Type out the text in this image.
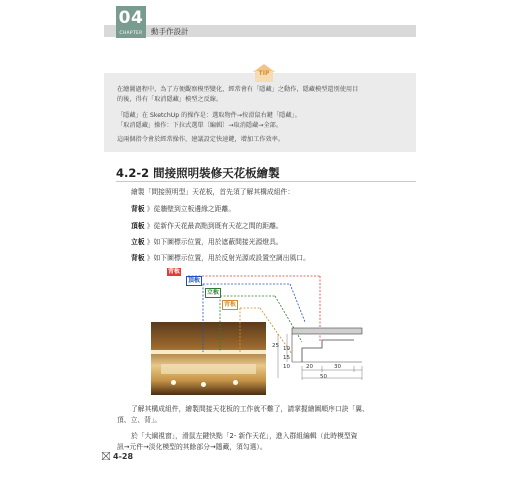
04
CHAPTER	動手作設計
TIP
在繪圖過程中，為了方便觀察模型變化，經常會有「隱藏」之動作，隱藏模型還別使用目
的後，得有「取消隱藏」模型之反線。
「隱藏」在 SketchUp 的操作是：選取物件→按滑鼠右鍵「隱藏」。
「取消隱藏」操作：下拉式選單〔編輯〕→取消隱藏→全部。
這兩個指令會於經常操作，建議設定快速鍵，增加工作效率。
4.2-2 間接照明裝修天花板繪製
繪製「間接照明型」天花板，首先須了解其構成組件：
背板 》從牆壁到立板邊緣之距離。
頂板 》從新作天花最高點到既有天花之間的距離。
立板 》如下圖標示位置，用於遮蔽間接光源燈具。
背板 》如下圖標示位置，用於反射光源或設置空調出風口。
背板
頂板
立板
背板
25 10
15
10	20	30
50
了解其構成組件，繪製間接天花板的工作就不難了，請掌握繪圖順序口訣「翼、
頂、立、背」。
於「大綱視窗」，滑鼠左鍵快點「2- 新作天花」，進入群組編輯（此時模型資
訊→元件→淡化模型的其餘部分→隱藏，須勾選）。
4-28
